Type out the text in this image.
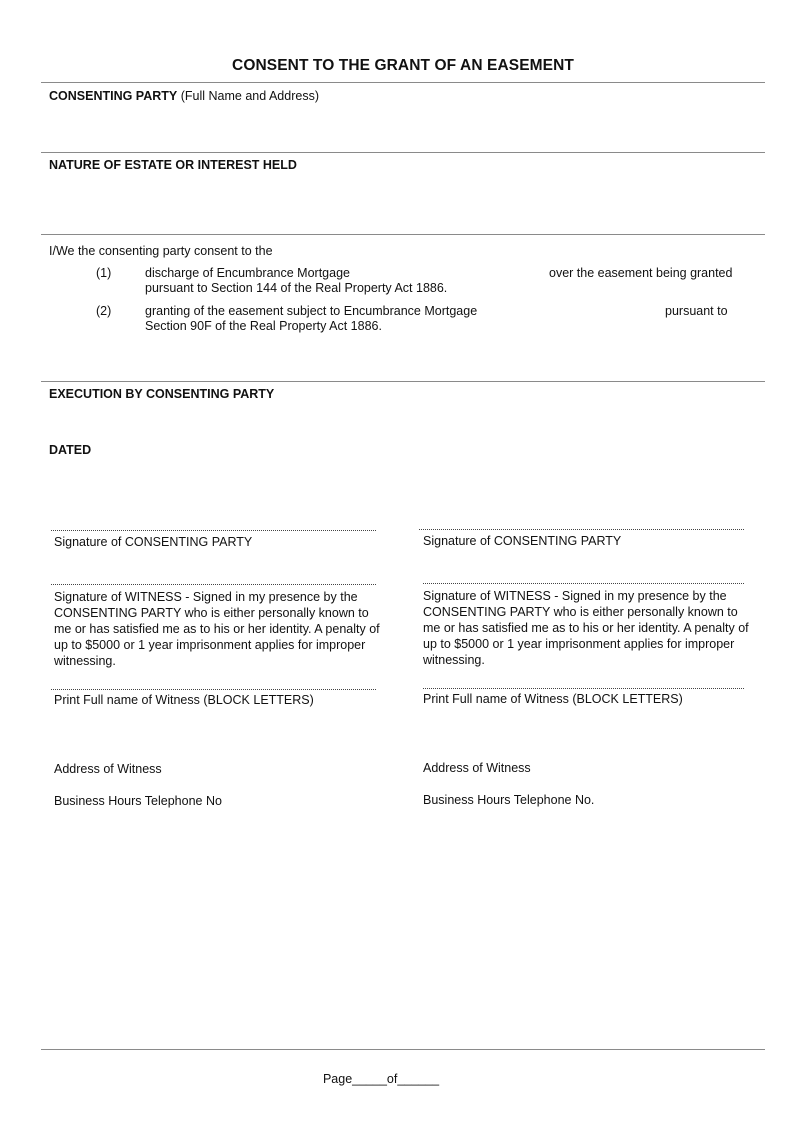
CONSENT TO THE GRANT OF AN EASEMENT
CONSENTING PARTY (Full Name and Address)
NATURE OF ESTATE OR INTEREST HELD
I/We the consenting party consent to the
(1)	discharge of Encumbrance Mortgage	over the easement being granted
pursuant to Section 144 of the Real Property Act 1886.
(2)	granting of the easement subject to Encumbrance Mortgage	pursuant to
Section 90F of the Real Property Act 1886.
EXECUTION BY CONSENTING PARTY
DATED
Signature of CONSENTING PARTY
Signature of WITNESS - Signed in my presence by the CONSENTING PARTY who is either personally known to me or has satisfied me as to his or her identity. A penalty of up to $5000 or 1 year imprisonment applies for improper witnessing.
Print Full name of Witness (BLOCK LETTERS)
Address of Witness
Business Hours Telephone No
Signature of CONSENTING PARTY
Signature of WITNESS - Signed in my presence by the CONSENTING PARTY who is either personally known to me or has satisfied me as to his or her identity. A penalty of up to $5000 or 1 year imprisonment applies for improper witnessing.
Print Full name of Witness (BLOCK LETTERS)
Address of Witness
Business Hours Telephone No.
Page_____of______
